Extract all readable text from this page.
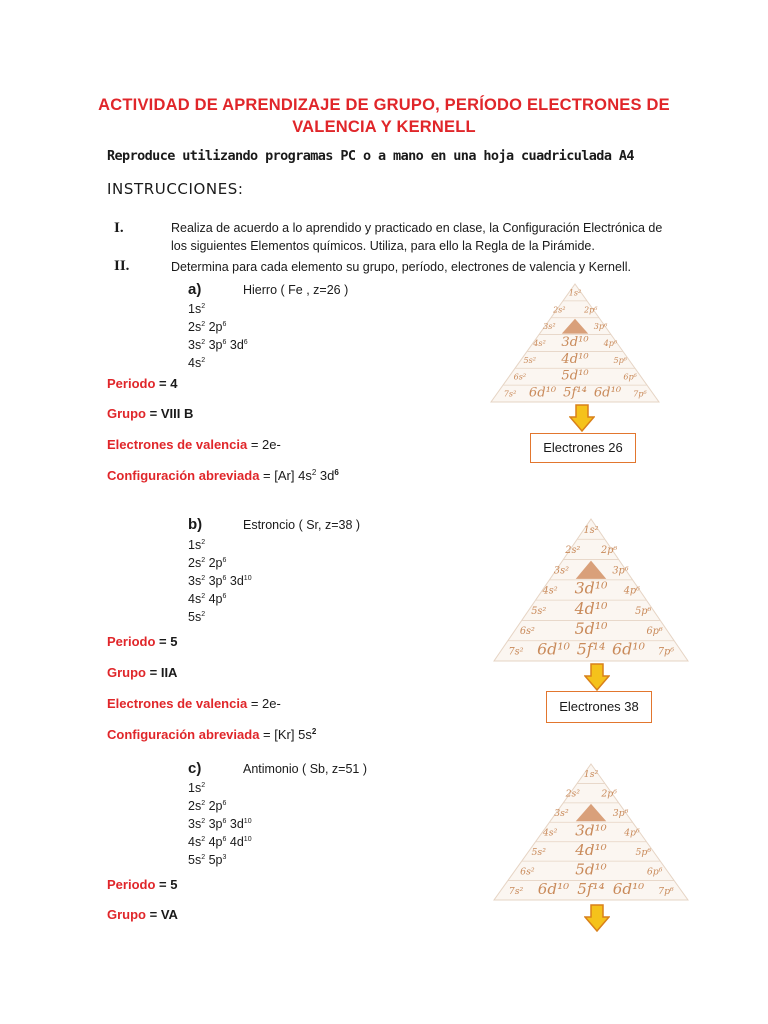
ACTIVIDAD DE APRENDIZAJE DE GRUPO, PERÍODO ELECTRONES DE
VALENCIA Y KERNELL
Reproduce utilizando programas PC o a mano en una hoja cuadriculada A4
INSTRUCCIONES:
I.	Realiza de acuerdo a lo aprendido y practicado en clase, la Configuración Electrónica de los siguientes Elementos químicos. Utiliza, para ello la Regla de la Pirámide.
II.	Determina para cada elemento su grupo, período, electrones de valencia y Kernell.
a)	Hierro ( Fe , z=26 )
$1s^2$
$2s^2$ $2p^6$
$3s^2$ $3p^6$ $3d^6$
$4s^2$
Periodo = 4
Grupo = VIII B
Electrones de valencia = 2e-
Configuración abreviada = [Ar] $4s^2$ $3d^6$
b)	Estroncio ( Sr, z=38 )
$1s^2$
$2s^2$ $2p^6$
$3s^2$ $3p^6$ $3d^{10}$
$4s^2$ $4p^6$
$5s^2$
Periodo = 5
Grupo = IIA
Electrones de valencia = 2e-
Configuración abreviada = [Kr] $5s^2$
c)	Antimonio ( Sb, z=51 )
$1s^2$
$2s^2$ $2p^6$
$3s^2$ $3p^6$ $3d^{10}$
$4s^2$ $4p^6$ $4d^{10}$
$5s^2$ $5p^3$
Periodo = 5
Grupo = VA
1s²
2s² 2p⁶
3s²	3p⁶
4s² 3d¹⁰ 4p⁶
5s² 4d¹⁰	5p⁶
6s²	5d¹⁰	6p⁶
7s² 6d¹⁰ 5f¹⁴ 6d¹⁰ 7p⁶
1s²
2s² 2p⁶
3s²	3p⁶
4s² 3d¹⁰ 4p⁶
5s² 4d¹⁰	5p⁶
6s²	5d¹⁰	6p⁶
7s² 6d¹⁰ 5f¹⁴ 6d¹⁰ 7p⁶
1s²
2s² 2p⁶
3s²	3p⁶
4s² 3d¹⁰ 4p⁶
5s² 4d¹⁰	5p⁶
6s²	5d¹⁰	6p⁶
7s² 6d¹⁰ 5f¹⁴ 6d¹⁰ 7p⁶
Electrones 26
Electrones 38
